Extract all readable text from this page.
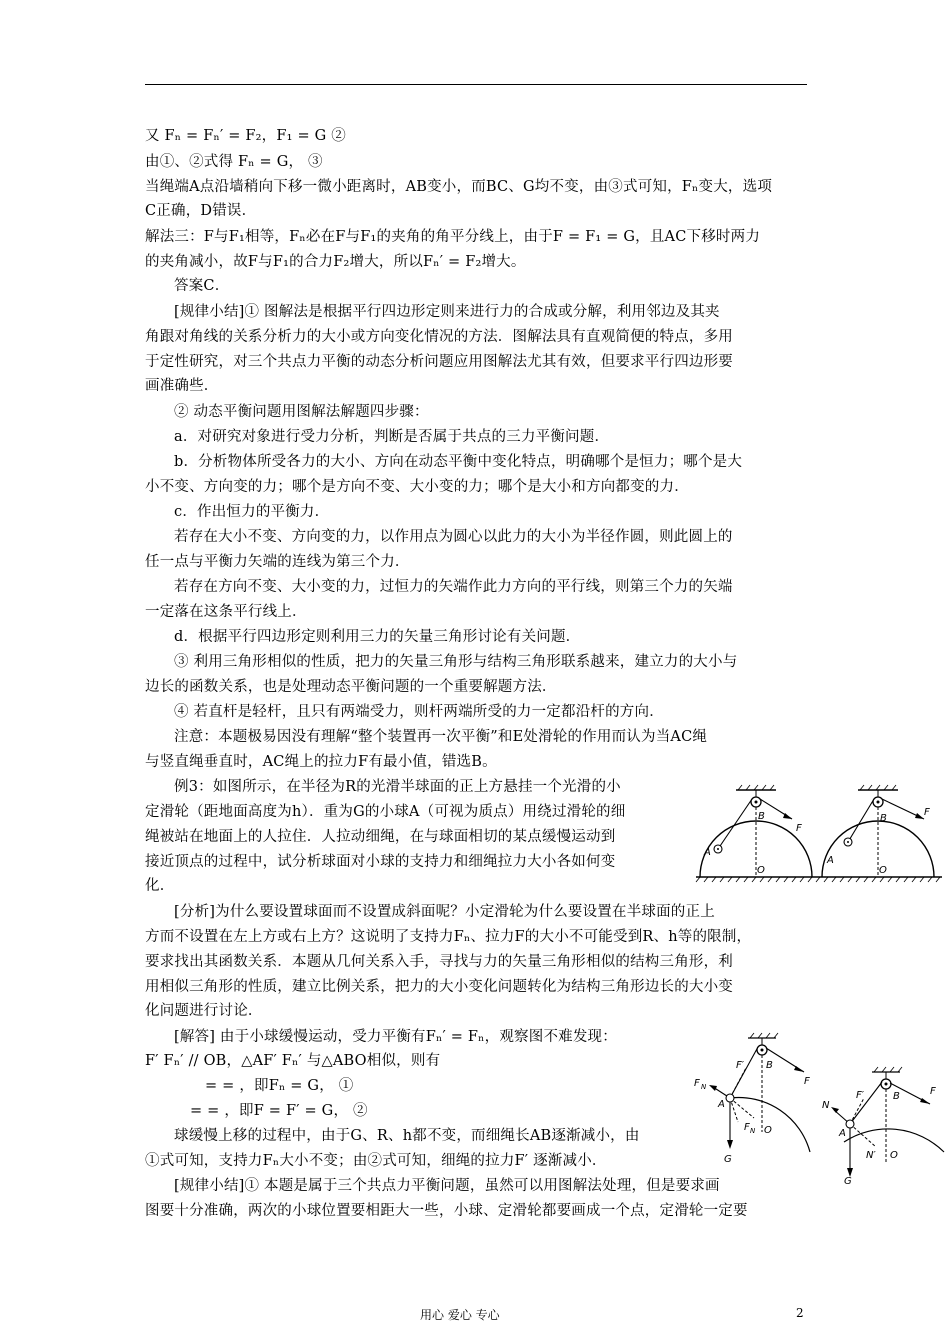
又 Fₙ = Fₙ′ = F₂，F₁ = G ②
由①、②式得 Fₙ = G， ③
当绳端A点沿墙稍向下移一微小距离时，AB变小，而BC、G均不变，由③式可知，Fₙ变大，选项
C正确，D错误．
解法三：F与F₁相等，Fₙ必在F与F₁的夹角的角平分线上，由于F = F₁ = G，且AC下移时两力
的夹角减小，故F与F₁的合力F₂增大，所以Fₙ′ = F₂增大。
答案C．
[规律小结]① 图解法是根据平行四边形定则来进行力的合成或分解，利用邻边及其夹
角跟对角线的关系分析力的大小或方向变化情况的方法．图解法具有直观简便的特点，多用
于定性研究，对三个共点力平衡的动态分析问题应用图解法尤其有效，但要求平行四边形要
画准确些．
② 动态平衡问题用图解法解题四步骤：
a．对研究对象进行受力分析，判断是否属于共点的三力平衡问题．
b．分析物体所受各力的大小、方向在动态平衡中变化特点，明确哪个是恒力；哪个是大
小不变、方向变的力；哪个是方向不变、大小变的力；哪个是大小和方向都变的力．
c．作出恒力的平衡力．
若存在大小不变、方向变的力，以作用点为圆心以此力的大小为半径作圆，则此圆上的
任一点与平衡力矢端的连线为第三个力．
若存在方向不变、大小变的力，过恒力的矢端作此力方向的平行线，则第三个力的矢端
一定落在这条平行线上．
d．根据平行四边形定则利用三力的矢量三角形讨论有关问题．
③ 利用三角形相似的性质，把力的矢量三角形与结构三角形联系越来，建立力的大小与
边长的函数关系，也是处理动态平衡问题的一个重要解题方法．
④ 若直杆是轻杆，且只有两端受力，则杆两端所受的力一定都沿杆的方向．
注意：本题极易因没有理解“整个装置再一次平衡”和E处滑轮的作用而认为当AC绳
与竖直绳垂直时，AC绳上的拉力F有最小值，错选B。
例3：如图所示，在半径为R的光滑半球面的正上方悬挂一个光滑的小
定滑轮（距地面高度为h）．重为G的小球A（可视为质点）用绕过滑轮的细
绳被站在地面上的人拉住．人拉动细绳，在与球面相切的某点缓慢运动到
接近顶点的过程中，试分析球面对小球的支持力和细绳拉力大小各如何变
化．
[分析]为什么要设置球面而不设置成斜面呢？小定滑轮为什么要设置在半球面的正上
方而不设置在左上方或右上方？这说明了支持力Fₙ、拉力F的大小不可能受到R、h等的限制，
要求找出其函数关系．本题从几何关系入手，寻找与力的矢量三角形相似的结构三角形，利
用相似三角形的性质，建立比例关系，把力的大小变化问题转化为结构三角形边长的大小变
化问题进行讨论．
[解答] 由于小球缓慢运动，受力平衡有Fₙ′ = Fₙ，观察图不难发现：
F′ Fₙ′ // OB，△AF′ Fₙ′ 与△ABO相似，则有
= = ，即Fₙ = G， ①
= = ，即F = F′ = G， ②
球缓慢上移的过程中，由于G、R、h都不变，而细绳长AB逐渐减小，由
①式可知，支持力Fₙ大小不变；由②式可知，细绳的拉力F′ 逐渐减小．
[规律小结]① 本题是属于三个共点力平衡问题，虽然可以用图解法处理，但是要求画
图要十分准确，两次的小球位置要相距大一些，小球、定滑轮都要画成一个点，定滑轮一定要
B
F
A
O
B
F
A
O
F′ B
F
F N
A
F N O
G
F′	B	F
N
A
N′ O
G
用心 爱心 专心	2
